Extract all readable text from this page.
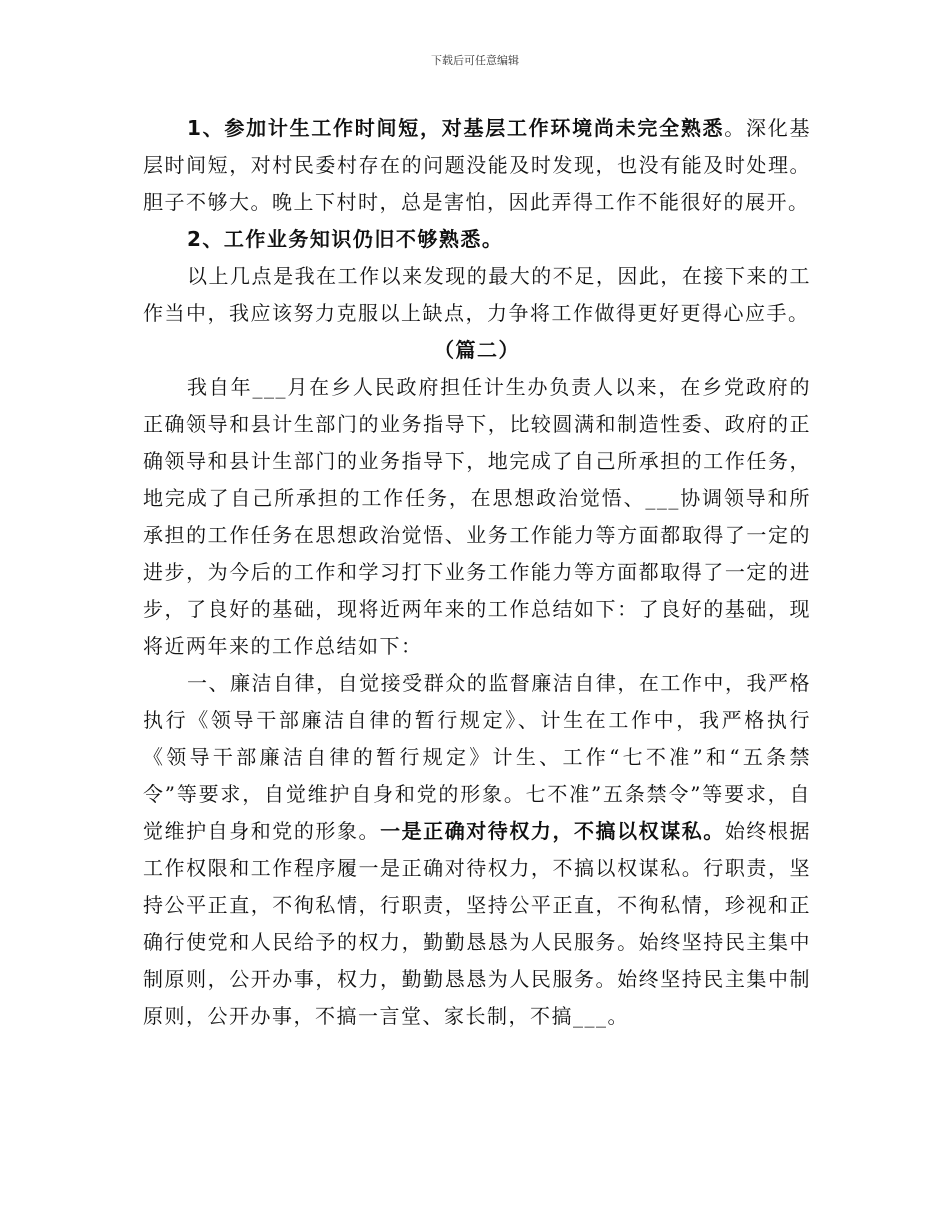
下载后可任意编辑

1、参加计生工作时间短，对基层工作环境尚未完全熟悉。深化基层时间短，对村民委村存在的问题没能及时发现，也没有能及时处理。胆子不够大。晚上下村时，总是害怕，因此弄得工作不能很好的展开。

2、工作业务知识仍旧不够熟悉。

以上几点是我在工作以来发现的最大的不足，因此，在接下来的工作当中，我应该努力克服以上缺点，力争将工作做得更好更得心应手。

（篇二）

我自年___月在乡人民政府担任计生办负责人以来，在乡党政府的正确领导和县计生部门的业务指导下，比较圆满和制造性委、政府的正确领导和县计生部门的业务指导下，地完成了自己所承担的工作任务，地完成了自己所承担的工作任务，在思想政治觉悟、___协调领导和所承担的工作任务在思想政治觉悟、业务工作能力等方面都取得了一定的进步，为今后的工作和学习打下业务工作能力等方面都取得了一定的进步，了良好的基础，现将近两年来的工作总结如下：了良好的基础，现将近两年来的工作总结如下：

一、廉洁自律，自觉接受群众的监督廉洁自律，在工作中，我严格执行《领导干部廉洁自律的暂行规定》、计生在工作中，我严格执行《领导干部廉洁自律的暂行规定》计生、工作“七不准”和“五条禁令”等要求，自觉维护自身和党的形象。七不准”五条禁令”等要求，自觉维护自身和党的形象。一是正确对待权力，不搞以权谋私。始终根据工作权限和工作程序履一是正确对待权力，不搞以权谋私。行职责，坚持公平正直，不徇私情，行职责，坚持公平正直，不徇私情，珍视和正确行使党和人民给予的权力，勤勤恳恳为人民服务。始终坚持民主集中制原则，公开办事，权力，勤勤恳恳为人民服务。始终坚持民主集中制原则，公开办事，不搞一言堂、家长制，不搞___。
